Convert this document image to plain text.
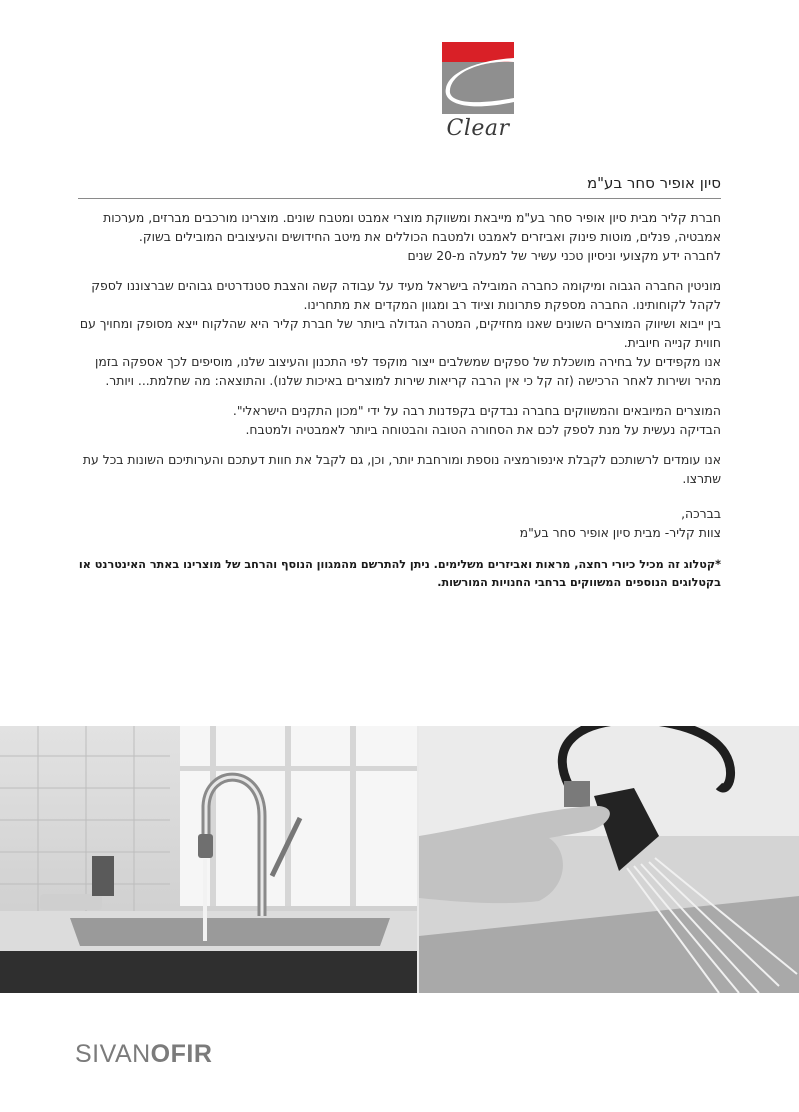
Clear
סיון אופיר סחר בע"מ

חברת קליר מבית סיון אופיר סחר בע"מ מייבאת ומשווקת מוצרי אמבט ומטבח שונים. מוצרינו מורכבים מברזים, מערכות אמבטיה, פנלים, מוטות פינוק ואביזרים לאמבט ולמטבח הכוללים את מיטב החידושים והעיצובים המובילים בשוק.
לחברה ידע מקצועי וניסיון טכני עשיר של למעלה מ-20 שנים

מוניטין החברה הגבוה ומיקומה כחברה המובילה בישראל מעיד על עבודה קשה והצבת סטנדרטים גבוהים שברצוננו לספק לקהל לקוחותינו. החברה מספקת פתרונות וציוד רב ומגוון המקדים את מתחרינו.
בין ייבוא ושיווק המוצרים השונים שאנו מחזיקים, המטרה הגדולה ביותר של חברת קליר היא שהלקוח ייצא מסופק ומחויך עם חווית קנייה חיובית.
אנו מקפידים על בחירה מושכלת של ספקים שמשלבים ייצור מוקפד לפי התכנון והעיצוב שלנו, מוסיפים לכך אספקה בזמן מהיר ושירות לאחר הרכישה (זה קל כי אין הרבה קריאות שירות למוצרים באיכות שלנו). והתוצאה: מה שחלמת... ויותר.

המוצרים המיובאים והמשווקים בחברה נבדקים בקפדנות רבה על ידי "מכון התקנים הישראלי".
הבדיקה נעשית על מנת לספק לכם את הסחורה הטובה והבטוחה ביותר לאמבטיה ולמטבח.

אנו עומדים לרשותכם לקבלת אינפורמציה נוספת ומורחבת יותר, וכן, גם לקבל את חוות דעתכם והערותיכם השונות בכל עת שתרצו.

בברכה,
צוות קליר- מבית סיון אופיר סחר בע"מ

*קטלוג זה מכיל כיורי רחצה, מראות ואביזרים משלימים. ניתן להתרשם מהמגוון הנוסף והרחב של מוצרינו באתר האינטרנט או בקטלוגים הנוספים המשווקים ברחבי החנויות המורשות.

SIVANOFIR
